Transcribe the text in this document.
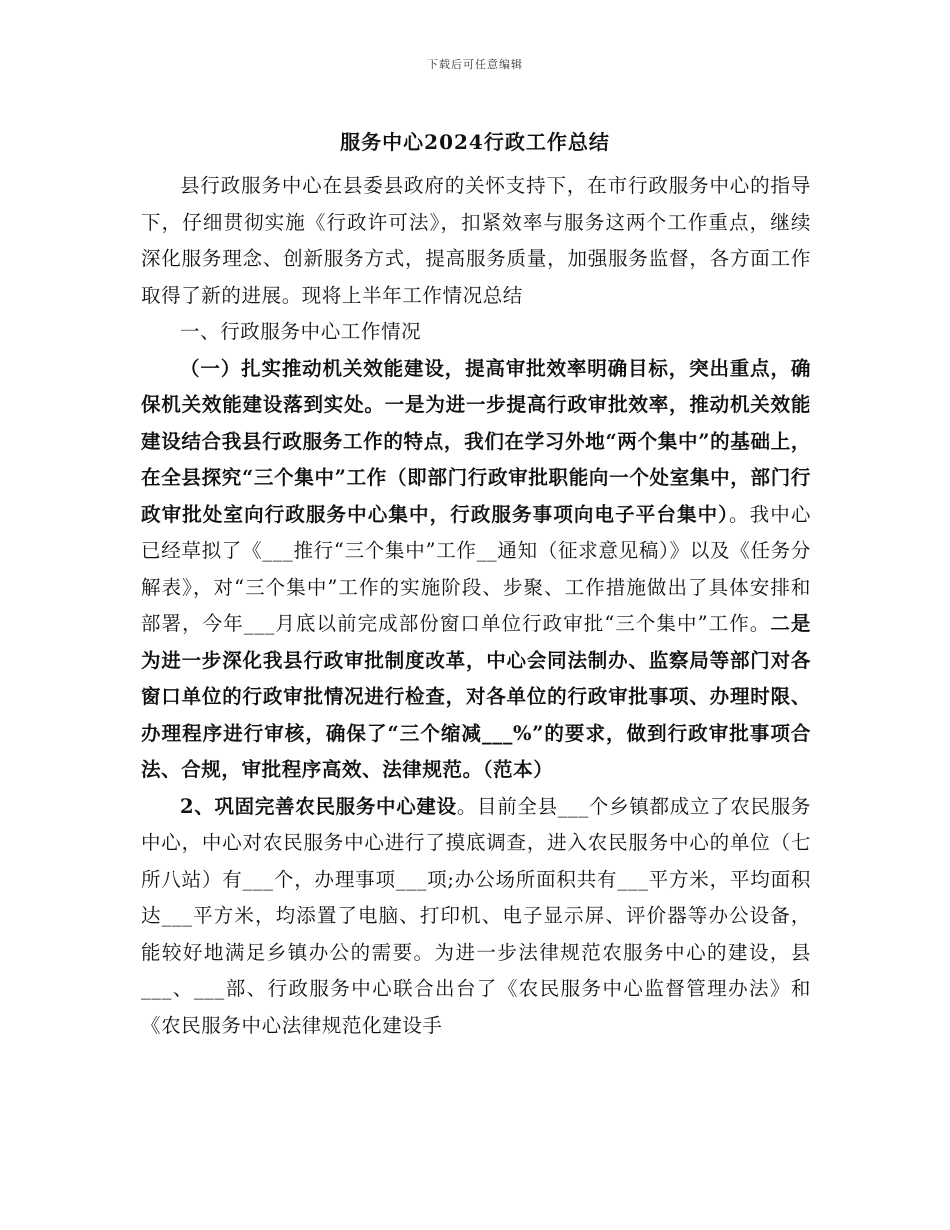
下载后可任意编辑
服务中心2024行政工作总结

县行政服务中心在县委县政府的关怀支持下，在市行政服务中心的指导下，仔细贯彻实施《行政许可法》，扣紧效率与服务这两个工作重点，继续深化服务理念、创新服务方式，提高服务质量，加强服务监督，各方面工作取得了新的进展。现将上半年工作情况总结

一、行政服务中心工作情况

（一）扎实推动机关效能建设，提高审批效率明确目标，突出重点，确保机关效能建设落到实处。一是为进一步提高行政审批效率，推动机关效能建设结合我县行政服务工作的特点，我们在学习外地“两个集中”的基础上，在全县探究“三个集中”工作（即部门行政审批职能向一个处室集中，部门行政审批处室向行政服务中心集中，行政服务事项向电子平台集中）。我中心已经草拟了《___推行“三个集中”工作__通知（征求意见稿）》以及《任务分解表》，对“三个集中”工作的实施阶段、步聚、工作措施做出了具体安排和部署，今年___月底以前完成部份窗口单位行政审批“三个集中”工作。二是为进一步深化我县行政审批制度改革，中心会同法制办、监察局等部门对各窗口单位的行政审批情况进行检查，对各单位的行政审批事项、办理时限、办理程序进行审核，确保了“三个缩减___%”的要求，做到行政审批事项合法、合规，审批程序高效、法律规范。（范本）

2、巩固完善农民服务中心建设。目前全县___个乡镇都成立了农民服务中心，中心对农民服务中心进行了摸底调查，进入农民服务中心的单位（七所八站）有___个，办理事项___项;办公场所面积共有___平方米，平均面积达___平方米，均添置了电脑、打印机、电子显示屏、评价器等办公设备，能较好地满足乡镇办公的需要。为进一步法律规范农服务中心的建设，县___、___部、行政服务中心联合出台了《农民服务中心监督管理办法》和《农民服务中心法律规范化建设手
